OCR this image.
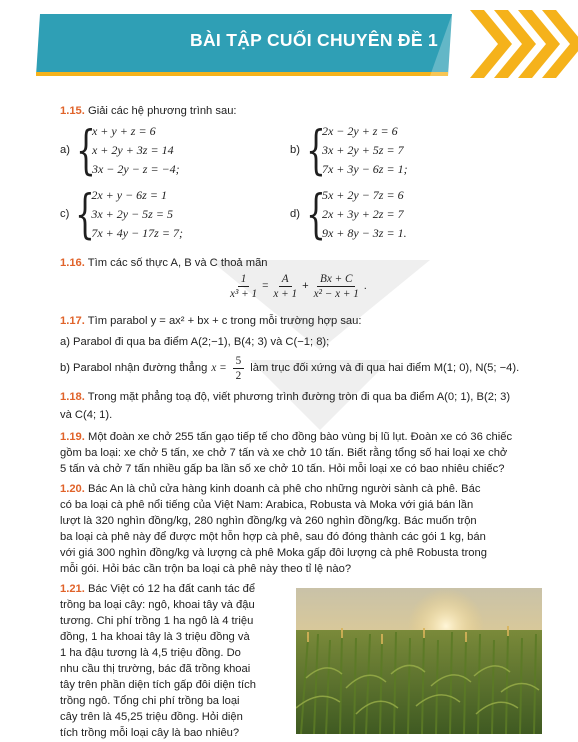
BÀI TẬP CUỐI CHUYÊN ĐỀ 1
1.15. Giải các hệ phương trình sau:
a) {
x + y + z = 6
x + 2y + 3z = 14
3x − 2y − z = −4;
b) {
2x − 2y + z = 6
3x + 2y + 5z = 7
7x + 3y − 6z = 1;
c) {
2x + y − 6z = 1
3x + 2y − 5z = 5
7x + 4y − 17z = 7;
d) {
5x + 2y − 7z = 6
2x + 3y + 2z = 7
9x + 8y − 3z = 1.
1.16. Tìm các số thực A, B và C thoả mãn
$\frac{1}{\text{x³ + 1}} = \frac{A}{x + 1} + \frac{Bx + C}{\text{x² − x + 1}}$ .
1.17. Tìm parabol y = ax² + bx + c trong mỗi trường hợp sau:
a) Parabol đi qua ba điểm A(2;−1), B(4; 3) và C(−1; 8);
b) Parabol nhận đường thẳng $x = \frac{5}{2}$ làm trục đối xứng và đi qua hai điểm M(1; 0), N(5; −4).
1.18. Trong mặt phẳng toạ độ, viết phương trình đường tròn đi qua ba điểm A(0; 1), B(2; 3)
và C(4; 1).
1.19. Một đoàn xe chở 255 tấn gạo tiếp tế cho đồng bào vùng bị lũ lụt. Đoàn xe có 36 chiếc
gồm ba loại: xe chở 5 tấn, xe chở 7 tấn và xe chở 10 tấn. Biết rằng tổng số hai loại xe chở
5 tấn và chở 7 tấn nhiều gấp ba lần số xe chở 10 tấn. Hỏi mỗi loại xe có bao nhiêu chiếc?
1.20. Bác An là chủ cửa hàng kinh doanh cà phê cho những người sành cà phê. Bác
có ba loại cà phê nổi tiếng của Việt Nam: Arabica, Robusta và Moka với giá bán lần
lượt là 320 nghìn đồng/kg, 280 nghìn đồng/kg và 260 nghìn đồng/kg. Bác muốn trộn
ba loại cà phê này để được một hỗn hợp cà phê, sau đó đóng thành các gói 1 kg, bán
với giá 300 nghìn đồng/kg và lượng cà phê Moka gấp đôi lượng cà phê Robusta trong
mỗi gói. Hỏi bác cần trộn ba loại cà phê này theo tỉ lệ nào?
1.21. Bác Việt có 12 ha đất canh tác để
trồng ba loại cây: ngô, khoai tây và đậu
tương. Chi phí trồng 1 ha ngô là 4 triệu
đồng, 1 ha khoai tây là 3 triệu đồng và
1 ha đậu tương là 4,5 triệu đồng. Do
nhu cầu thị trường, bác đã trồng khoai
tây trên phần diện tích gấp đôi diện tích
trồng ngô. Tổng chi phí trồng ba loại
cây trên là 45,25 triệu đồng. Hỏi diện
tích trồng mỗi loại cây là bao nhiêu?
